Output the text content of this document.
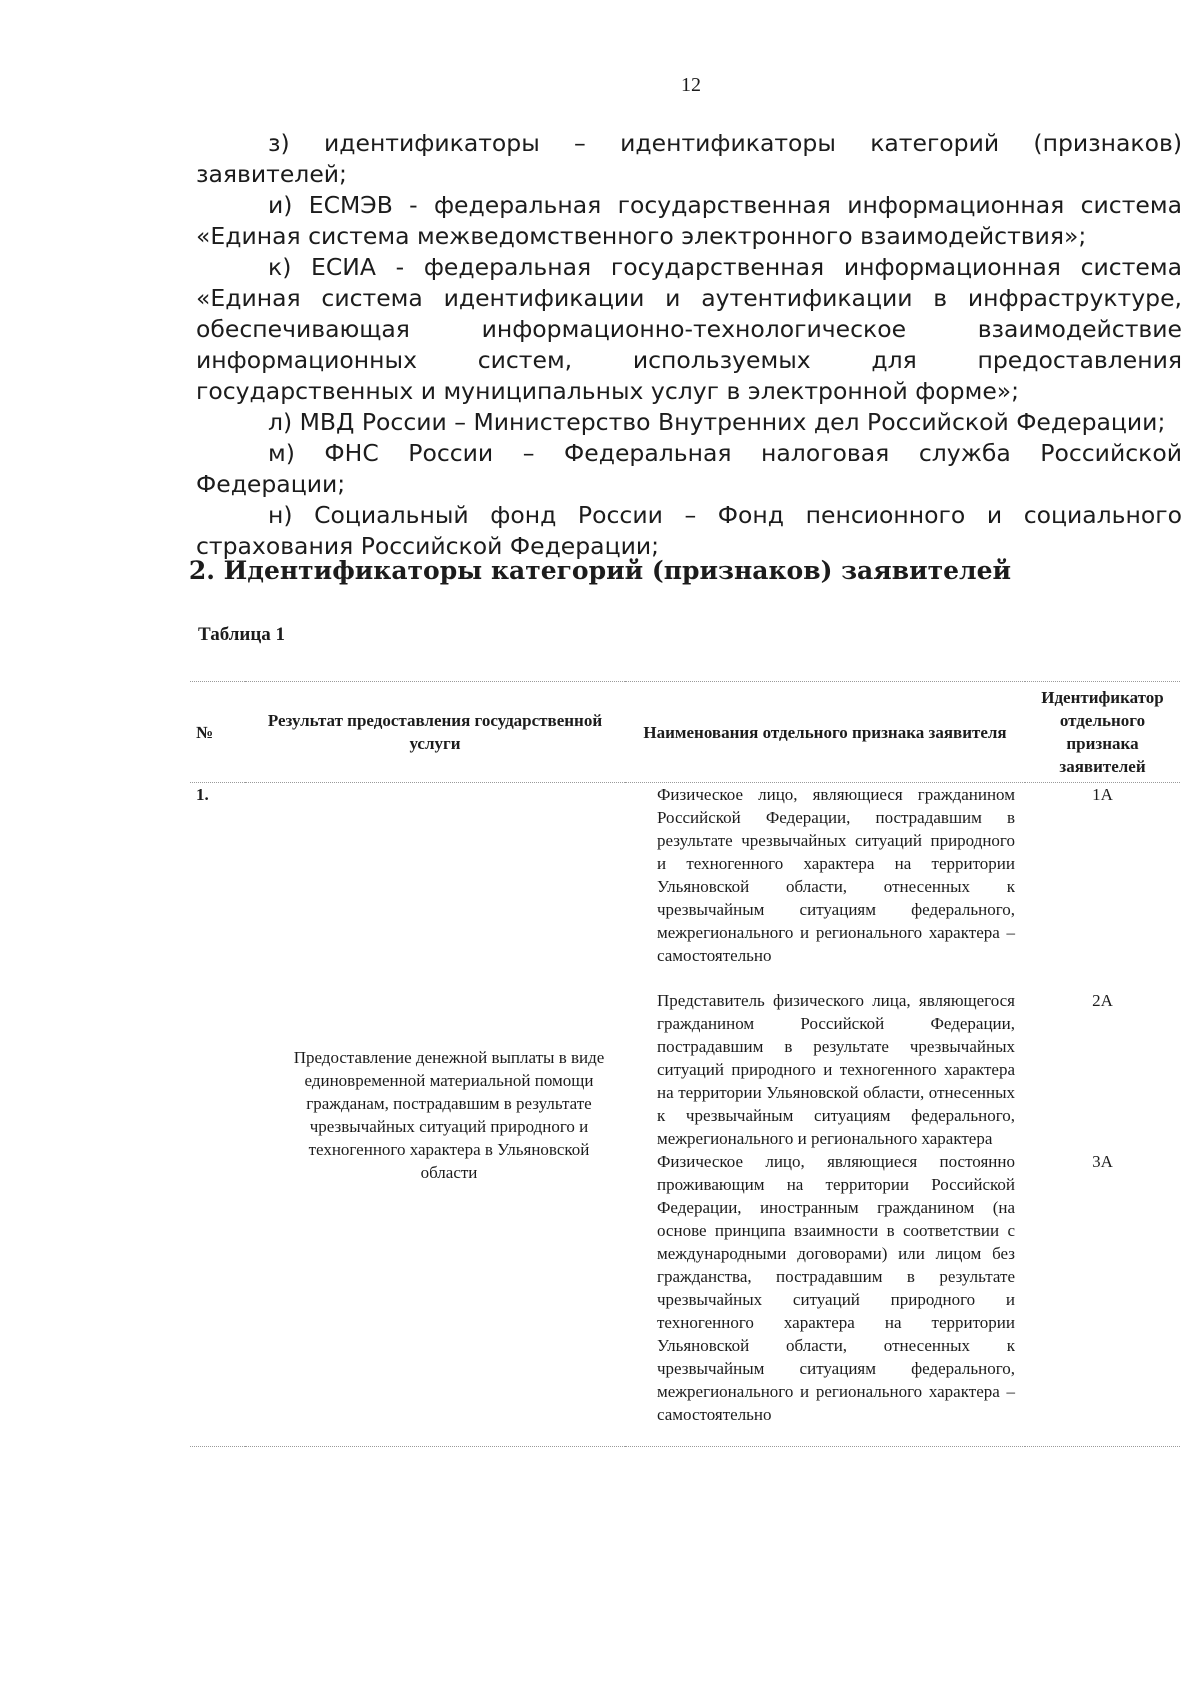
12

з) идентификаторы – идентификаторы категорий (признаков) заявителей;

и) ЕСМЭВ - федеральная государственная информационная система «Единая система межведомственного электронного взаимодействия»;

к) ЕСИА - федеральная государственная информационная система «Единая система идентификации и аутентификации в инфраструктуре, обеспечивающая информационно-технологическое взаимодействие информационных систем, используемых для предоставления государственных и муниципальных услуг в электронной форме»;

л) МВД России – Министерство Внутренних дел Российской Федерации;

м) ФНС России – Федеральная налоговая служба Российской Федерации;

н) Социальный фонд России – Фонд пенсионного и социального страхования Российской Федерации;

2. Идентификаторы категорий (признаков) заявителей

Таблица 1

№	Результат предоставления государственной услуги	Наименования отдельного признака заявителя	Идентификатор отдельного признака заявителей
1.	Предоставление денежной выплаты в виде единовременной материальной помощи гражданам, пострадавшим в результате чрезвычайных ситуаций природного и техногенного характера в Ульяновской области	Физическое лицо, являющиеся гражданином Российской Федерации, пострадавшим в результате чрезвычайных ситуаций природного и техногенного характера на территории Ульяновской области, отнесенных к чрезвычайным ситуациям федерального, межрегионального и регионального характера – самостоятельно	1А
		Представитель физического лица, являющегося гражданином Российской Федерации, пострадавшим в результате чрезвычайных ситуаций природного и техногенного характера на территории Ульяновской области, отнесенных к чрезвычайным ситуациям федерального, межрегионального и регионального характера	2А
		Физическое лицо, являющиеся постоянно проживающим на территории Российской Федерации, иностранным гражданином (на основе принципа взаимности в соответствии с международными договорами) или лицом без гражданства, пострадавшим в результате чрезвычайных ситуаций природного и техногенного характера на территории Ульяновской области, отнесенных к чрезвычайным ситуациям федерального, межрегионального и регионального характера – самостоятельно	3А
